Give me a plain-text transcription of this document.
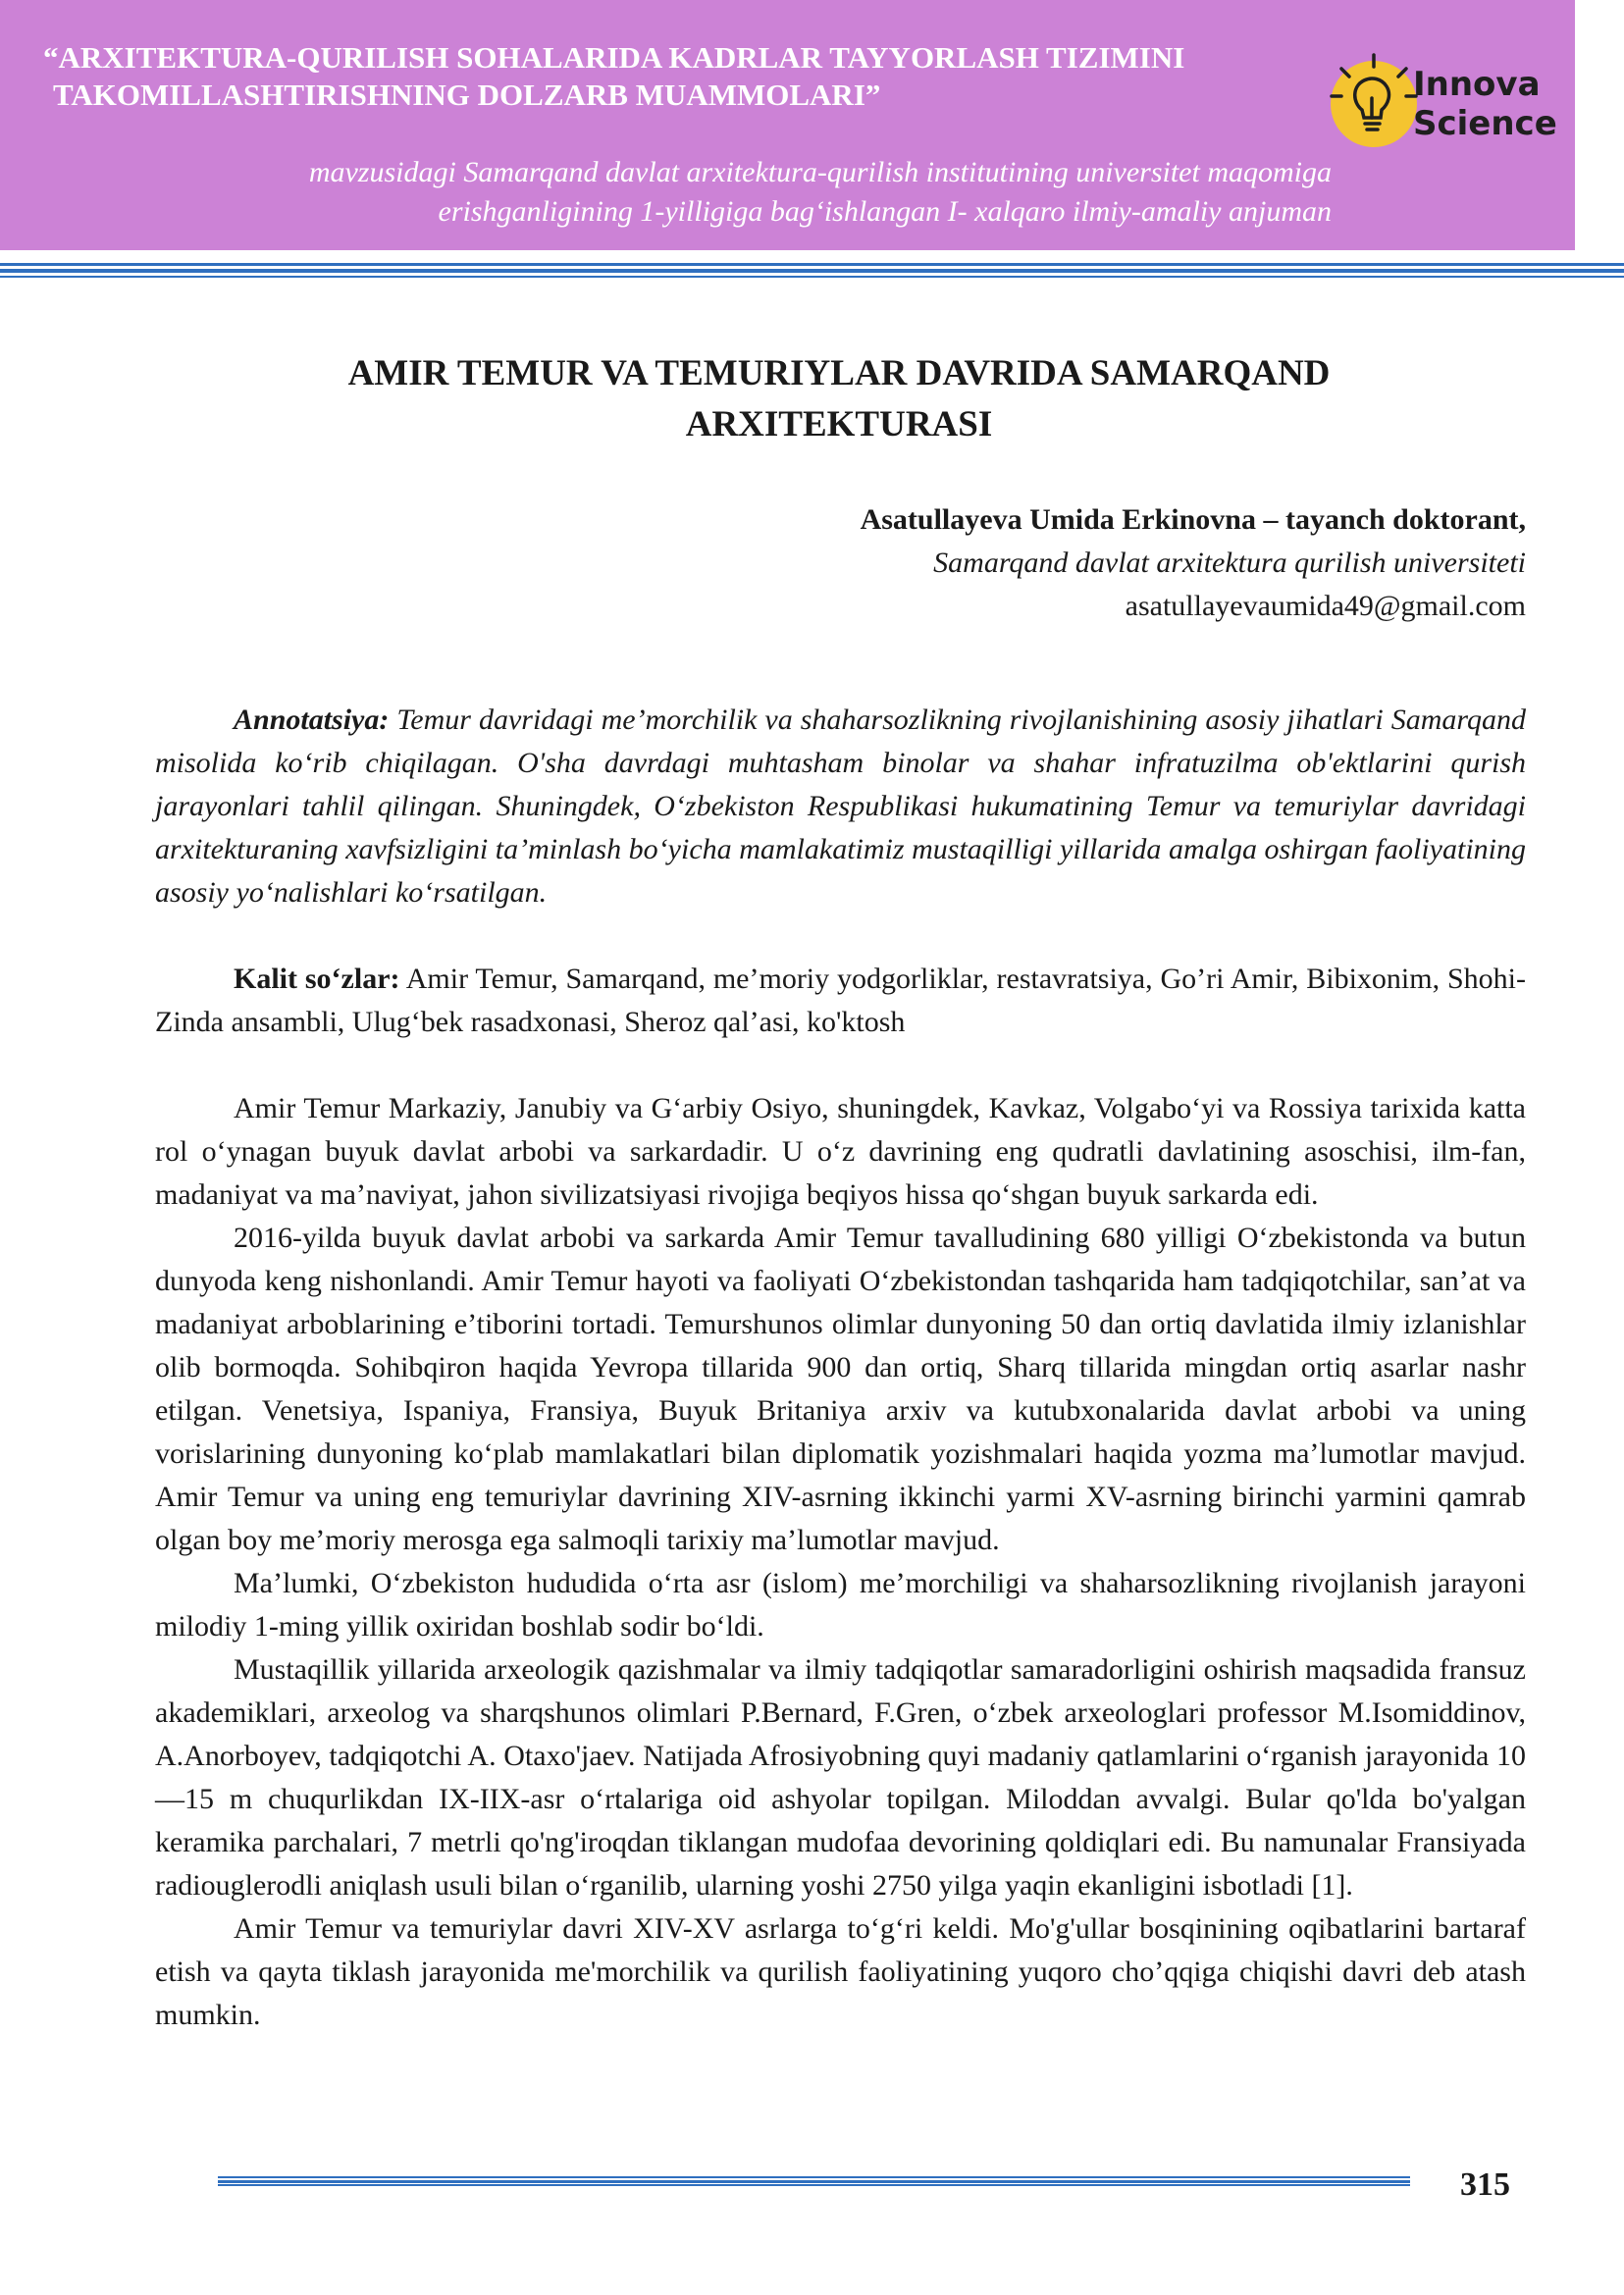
“ARXITEKTURA-QURILISH SOHALARIDA KADRLAR TAYYORLASH TIZIMINI
TAKOMILLASHTIRISHNING DOLZARB MUAMMOLARI”
mavzusidagi Samarqand davlat arxitektura-qurilish institutining universitet maqomiga
erishganligining 1-yilligiga bag‘ishlangan I- xalqaro ilmiy-amaliy anjuman
Innova
Science
AMIR TEMUR VA TEMURIYLAR DAVRIDA SAMARQAND
ARXITEKTURASI
Asatullayeva Umida Erkinovna – tayanch doktorant,
Samarqand davlat arxitektura qurilish universiteti
asatullayevaumida49@gmail.com

Annotatsiya: Temur davridagi me’morchilik va shaharsozlikning rivojlanishining asosiy jihatlari Samarqand misolida ko‘rib chiqilagan. O'sha davrdagi muhtasham binolar va shahar infratuzilma ob'ektlarini qurish jarayonlari tahlil qilingan. Shuningdek, O‘zbekiston Respublikasi hukumatining Temur va temuriylar davridagi arxitekturaning xavfsizligini ta’minlash bo‘yicha mamlakatimiz mustaqilligi yillarida amalga oshirgan faoliyatining asosiy yo‘nalishlari ko‘rsatilgan.

Kalit so‘zlar: Amir Temur, Samarqand, me’moriy yodgorliklar, restavratsiya, Go’ri Amir, Bibixonim, Shohi-Zinda ansambli, Ulug‘bek rasadxonasi, Sheroz qal’asi, ko'ktosh

Amir Temur Markaziy, Janubiy va G‘arbiy Osiyo, shuningdek, Kavkaz, Volgabo‘yi va Rossiya tarixida katta rol o‘ynagan buyuk davlat arbobi va sarkardadir. U o‘z davrining eng qudratli davlatining asoschisi, ilm-fan, madaniyat va ma’naviyat, jahon sivilizatsiyasi rivojiga beqiyos hissa qo‘shgan buyuk sarkarda edi.

2016-yilda buyuk davlat arbobi va sarkarda Amir Temur tavalludining 680 yilligi O‘zbekistonda va butun dunyoda keng nishonlandi. Amir Temur hayoti va faoliyati O‘zbekistondan tashqarida ham tadqiqotchilar, san’at va madaniyat arboblarining e’tiborini tortadi. Temurshunos olimlar dunyoning 50 dan ortiq davlatida ilmiy izlanishlar olib bormoqda. Sohibqiron haqida Yevropa tillarida 900 dan ortiq, Sharq tillarida mingdan ortiq asarlar nashr etilgan. Venetsiya, Ispaniya, Fransiya, Buyuk Britaniya arxiv va kutubxonalarida davlat arbobi va uning vorislarining dunyoning ko‘plab mamlakatlari bilan diplomatik yozishmalari haqida yozma ma’lumotlar mavjud. Amir Temur va uning eng temuriylar davrining XIV-asrning ikkinchi yarmi XV-asrning birinchi yarmini qamrab olgan boy me’moriy merosga ega salmoqli tarixiy ma’lumotlar mavjud.

Ma’lumki, O‘zbekiston hududida o‘rta asr (islom) me’morchiligi va shaharsozlikning rivojlanish jarayoni milodiy 1-ming yillik oxiridan boshlab sodir bo‘ldi.

Mustaqillik yillarida arxeologik qazishmalar va ilmiy tadqiqotlar samaradorligini oshirish maqsadida fransuz akademiklari, arxeolog va sharqshunos olimlari P.Bernard, F.Gren, o‘zbek arxeologlari professor M.Isomiddinov, A.Anorboyev, tadqiqotchi A. Otaxo'jaev. Natijada Afrosiyobning quyi madaniy qatlamlarini o‘rganish jarayonida 10—15 m chuqurlikdan IX-IIX-asr o‘rtalariga oid ashyolar topilgan. Miloddan avvalgi. Bular qo'lda bo'yalgan keramika parchalari, 7 metrli qo'ng'iroqdan tiklangan mudofaa devorining qoldiqlari edi. Bu namunalar Fransiyada radiouglerodli aniqlash usuli bilan o‘rganilib, ularning yoshi 2750 yilga yaqin ekanligini isbotladi [1].

Amir Temur va temuriylar davri XIV-XV asrlarga to‘g‘ri keldi. Mo'g'ullar bosqinining oqibatlarini bartaraf etish va qayta tiklash jarayonida me'morchilik va qurilish faoliyatining yuqoro cho’qqiga chiqishi davri deb atash mumkin.

315
